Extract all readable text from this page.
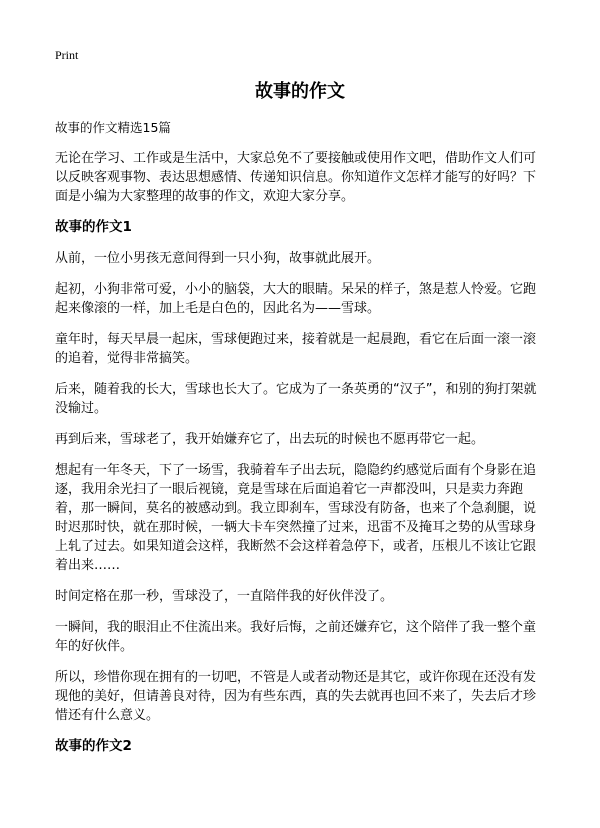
Print
故事的作文

故事的作文精选15篇

无论在学习、工作或是生活中，大家总免不了要接触或使用作文吧，借助作文人们可以反映客观事物、表达思想感情、传递知识信息。你知道作文怎样才能写的好吗？下面是小编为大家整理的故事的作文，欢迎大家分享。

故事的作文1

从前，一位小男孩无意间得到一只小狗，故事就此展开。

起初，小狗非常可爱，小小的脑袋，大大的眼睛。呆呆的样子，煞是惹人怜爱。它跑起来像滚的一样，加上毛是白色的，因此名为——雪球。

童年时，每天早晨一起床，雪球便跑过来，接着就是一起晨跑，看它在后面一滚一滚的追着，觉得非常搞笑。

后来，随着我的长大，雪球也长大了。它成为了一条英勇的“汉子”，和别的狗打架就没输过。

再到后来，雪球老了，我开始嫌弃它了，出去玩的时候也不愿再带它一起。

想起有一年冬天，下了一场雪，我骑着车子出去玩，隐隐约约感觉后面有个身影在追逐，我用余光扫了一眼后视镜，竟是雪球在后面追着它一声都没叫，只是卖力奔跑着，那一瞬间，莫名的被感动到。我立即刹车，雪球没有防备，也来了个急刹腿，说时迟那时快，就在那时候，一辆大卡车突然撞了过来，迅雷不及掩耳之势的从雪球身上轧了过去。如果知道会这样，我断然不会这样着急停下，或者，压根儿不该让它跟着出来……

时间定格在那一秒，雪球没了，一直陪伴我的好伙伴没了。

一瞬间，我的眼泪止不住流出来。我好后悔，之前还嫌弃它，这个陪伴了我一整个童年的好伙伴。

所以，珍惜你现在拥有的一切吧，不管是人或者动物还是其它，或许你现在还没有发现他的美好，但请善良对待，因为有些东西，真的失去就再也回不来了，失去后才珍惜还有什么意义。

故事的作文2
